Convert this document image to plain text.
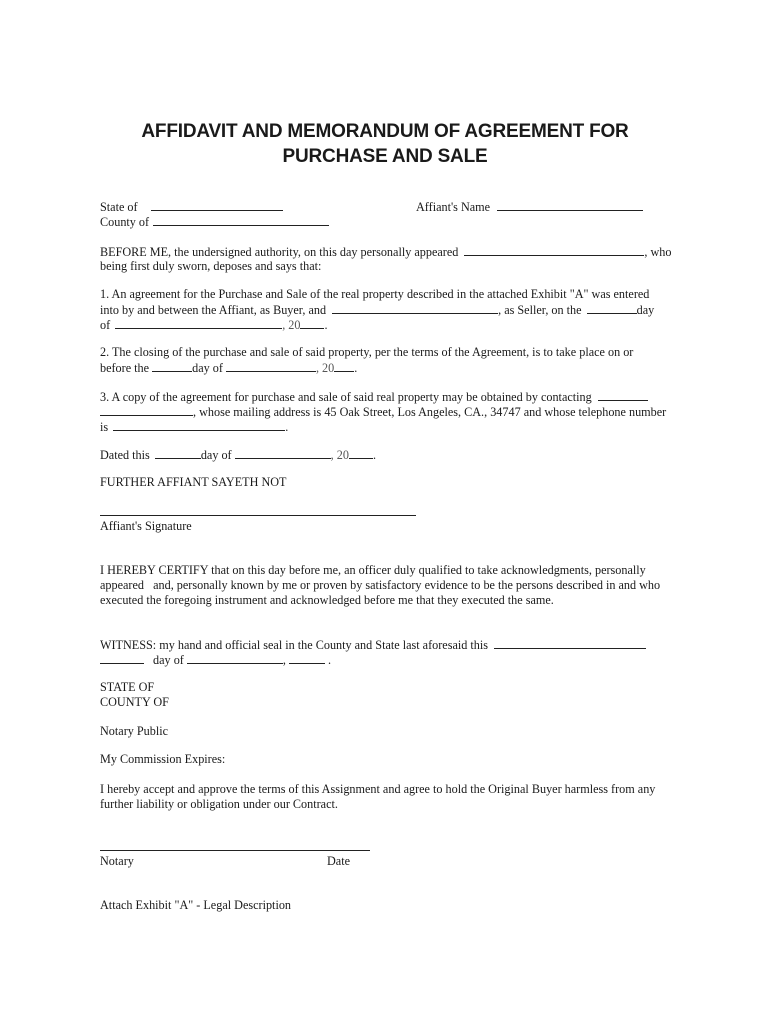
AFFIDAVIT AND MEMORANDUM OF AGREEMENT FOR
PURCHASE AND SALE
State of	Affiant's Name
County of
BEFORE ME, the undersigned authority, on this day personally appeared	, who
being first duly sworn, deposes and says that:
1. An agreement for the Purchase and Sale of the real property described in the attached Exhibit "A" was entered
into by and between the Affiant, as Buyer, and	, as Seller, on the	day
of	, 20 .
2. The closing of the purchase and sale of said property, per the terms of the Agreement, is to take place on or
before the	day of	, 20 .
3. A copy of the agreement for purchase and sale of said real property may be obtained by contacting
, whose mailing address is 45 Oak Street, Los Angeles, CA., 34747 and whose telephone number
is	.
Dated this	day of	, 20 .
FURTHER AFFIANT SAYETH NOT
Affiant's Signature
I HEREBY CERTIFY that on this day before me, an officer duly qualified to take acknowledgments, personally
appeared   and, personally known by me or proven by satisfactory evidence to be the persons described in and who
executed the foregoing instrument and acknowledged before me that they executed the same.
WITNESS: my hand and official seal in the County and State last aforesaid this
day of	,	.
STATE OF
COUNTY OF
Notary Public
My Commission Expires:
I hereby accept and approve the terms of this Assignment and agree to hold the Original Buyer harmless from any
further liability or obligation under our Contract.
Notary	Date
Attach Exhibit "A" - Legal Description
